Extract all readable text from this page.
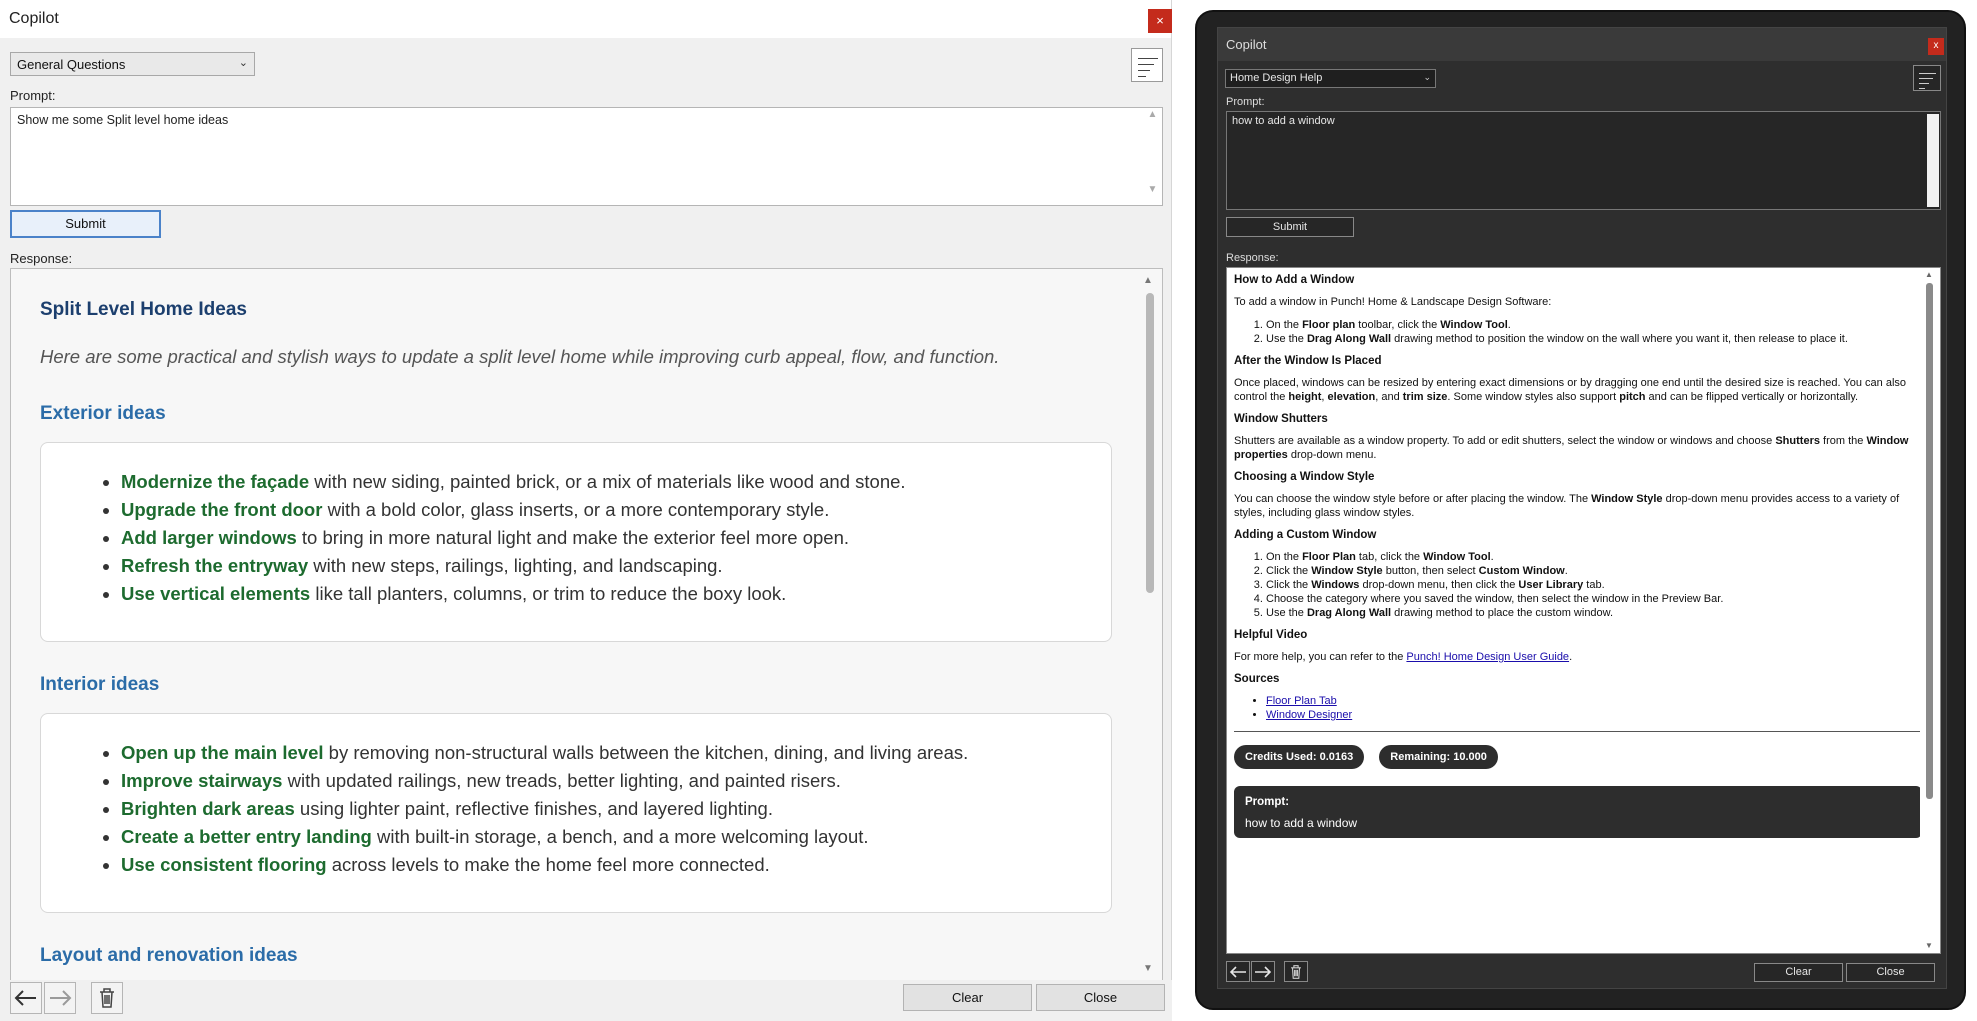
Copilot	×
General Questions	⌄
Prompt:
Show me some Split level home ideas	▲
▼
Submit
Response:
Split Level Home Ideas

Here are some practical and stylish ways to update a split level home while improving curb appeal, flow, and function.

Exterior ideas
• Modernize the façade with new siding, painted brick, or a mix of materials like wood and stone.
• Upgrade the front door with a bold color, glass inserts, or a more contemporary style.
• Add larger windows to bring in more natural light and make the exterior feel more open.
• Refresh the entryway with new steps, railings, lighting, and landscaping.
• Use vertical elements like tall planters, columns, or trim to reduce the boxy look.
Interior ideas
• Open up the main level by removing non-structural walls between the kitchen, dining, and living areas.
• Improve stairways with updated railings, new treads, better lighting, and painted risers.
• Brighten dark areas using lighter paint, reflective finishes, and layered lighting.
• Create a better entry landing with built-in storage, a bench, and a more welcoming layout.
• Use consistent flooring across levels to make the home feel more connected.
Layout and renovation ideas
▲
▼
Clear	Close
Copilot	x
Home Design Help	⌄
Prompt:
how to add a window
Submit
Response:
How to Add a Window

To add a window in Punch! Home & Landscape Design Software:

1. On the Floor plan toolbar, click the Window Tool.
2. Use the Drag Along Wall drawing method to position the window on the wall where you want it, then release to place it.
After the Window Is Placed

Once placed, windows can be resized by entering exact dimensions or by dragging one end until the desired size is reached. You can also control the height, elevation, and trim size. Some window styles also support pitch and can be flipped vertically or horizontally.

Window Shutters

Shutters are available as a window property. To add or edit shutters, select the window or windows and choose Shutters from the Window properties drop-down menu.

Choosing a Window Style

You can choose the window style before or after placing the window. The Window Style drop-down menu provides access to a variety of styles, including glass window styles.

Adding a Custom Window
1. On the Floor Plan tab, click the Window Tool.
2. Click the Window Style button, then select Custom Window.
3. Click the Windows drop-down menu, then click the User Library tab.
4. Choose the category where you saved the window, then select the window in the Preview Bar.
5. Use the Drag Along Wall drawing method to place the custom window.
Helpful Video

For more help, you can refer to the Punch! Home Design User Guide.

Sources
• Floor Plan Tab
• Window Designer
Credits Used: 0.0163	Remaining: 10.000
Prompt:
how to add a window
▲
▼
Clear	Close
